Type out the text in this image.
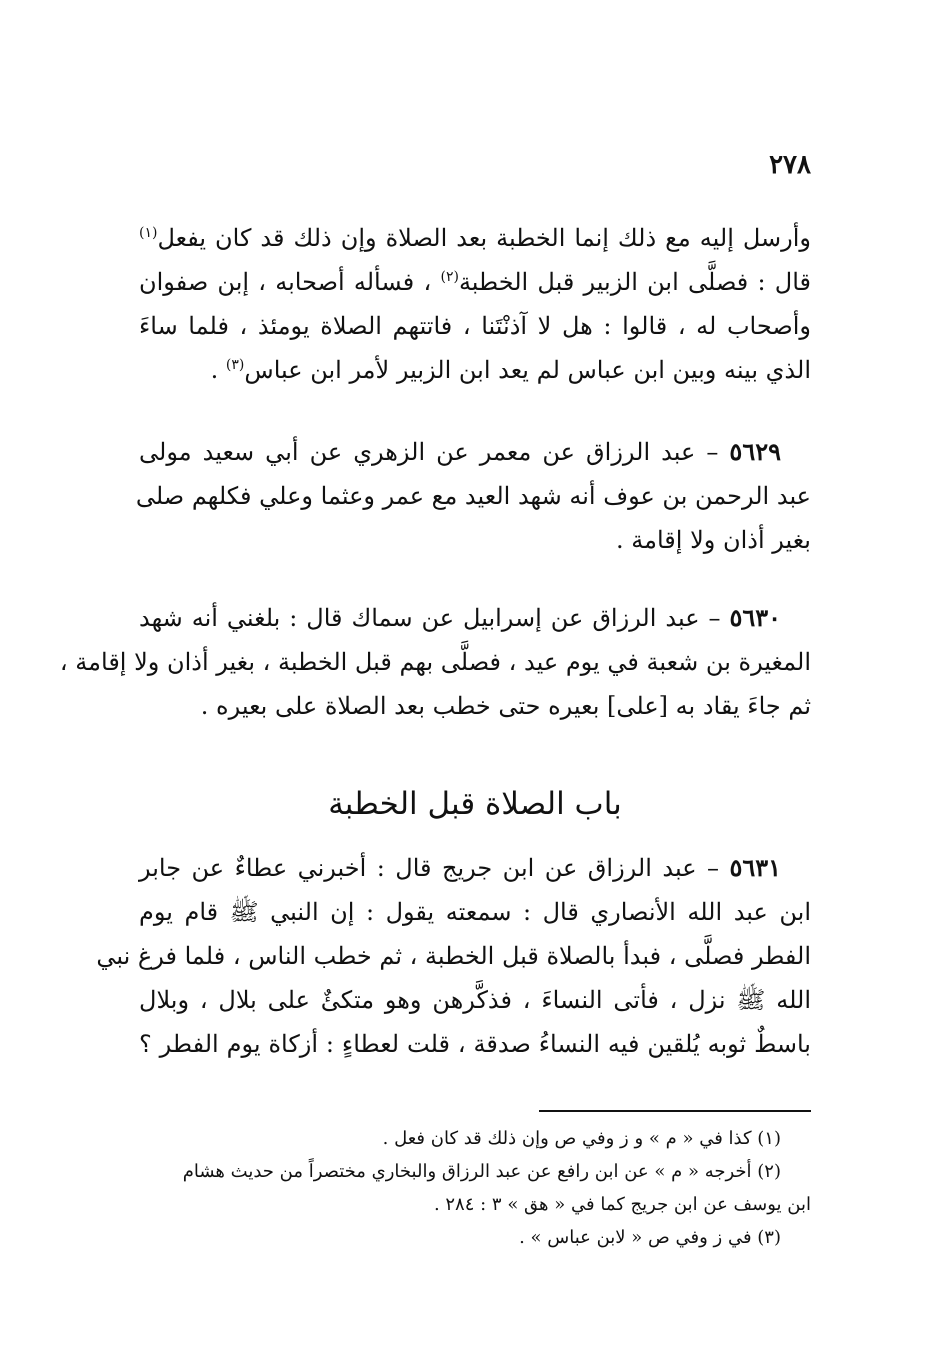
٢٧٨
وأرسل إليه مع ذلك إنما الخطبة بعد الصلاة وإن ذلك قد كان يفعل$^{(١)}$
قال : فصلَّى ابن الزبير قبل الخطبة$^{(٢)}$ ، فسأله أصحابه ، إبن صفوان
وأصحاب له ، قالوا : هل لا آذنْتَنا ، فاتتهم الصلاة يومئذ ، فلما ساءَ
الذي بينه وبين ابن عباس لم يعد ابن الزبير لأمر ابن عباس$^{(٣)}$ .
٥٦٢٩ – عبد الرزاق عن معمر عن الزهري عن أبي سعيد مولى
عبد الرحمن بن عوف أنه شهد العيد مع عمر وعثما وعلي فكلهم صلى
بغير أذان ولا إقامة .
٥٦٣٠ – عبد الرزاق عن إسرابيل عن سماك قال : بلغني أنه شهد
المغيرة بن شعبة في يوم عيد ، فصلَّى بهم قبل الخطبة ، بغير أذان ولا إقامة ،
ثم جاءَ يقاد به [على] بعيره حتى خطب بعد الصلاة على بعيره .
باب الصلاة قبل الخطبة
٥٦٣١ – عبد الرزاق عن ابن جريج قال : أخبرني عطاءٌ عن جابر
ابن عبد الله الأنصاري قال : سمعته يقول : إن النبي ﷺ قام يوم
الفطر فصلَّى ، فبدأ بالصلاة قبل الخطبة ، ثم خطب الناس ، فلما فرغ نبي
الله ﷺ نزل ، فأتى النساءَ ، فذكَّرهن وهو متكئٌ على بلال ، وبلال
باسطٌ ثوبه يُلقين فيه النساءُ صدقة ، قلت لعطاءٍ : أزكاة يوم الفطر ؟
(١) كذا في « م » و ز وفي ص وإن ذلك قد كان فعل .
(٢) أخرجه « م » عن ابن رافع عن عبد الرزاق والبخاري مختصراً من حديث هشام
ابن يوسف عن ابن جريج كما في « هق » ٣ : ٢٨٤ .
(٣) في ز وفي ص « لابن عباس » .
